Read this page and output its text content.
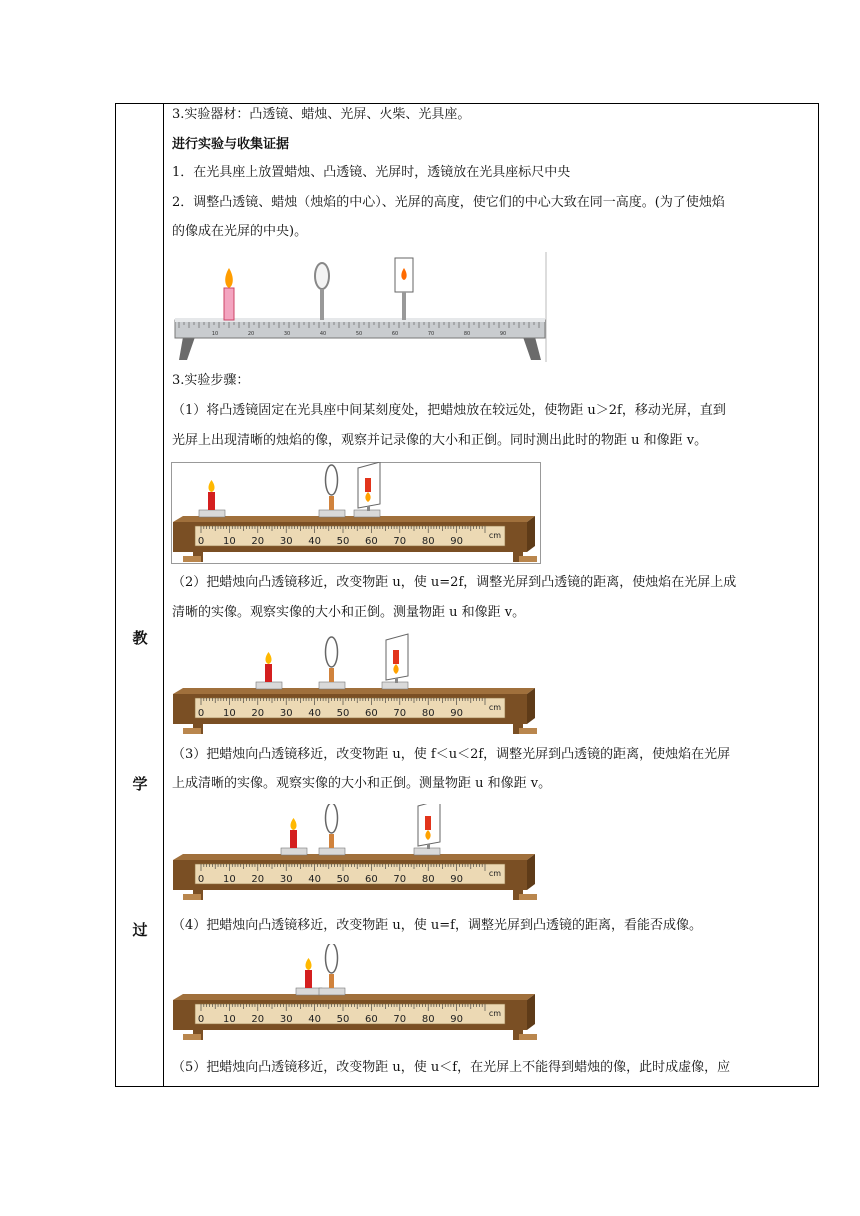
教
学
过
3.实验器材：凸透镜、蜡烛、光屏、火柴、光具座。
进行实验与收集证据
1．在光具座上放置蜡烛、凸透镜、光屏时，透镜放在光具座标尺中央
2．调整凸透镜、蜡烛（烛焰的中心）、光屏的高度，使它们的中心大致在同一高度。(为了使烛焰
的像成在光屏的中央)。
10	20	30	40	50	60	70	80	90
3.实验步骤：
（1）将凸透镜固定在光具座中间某刻度处，把蜡烛放在较远处，使物距 u＞2f，移动光屏，直到
光屏上出现清晰的烛焰的像，观察并记录像的大小和正倒。同时测出此时的物距 u 和像距 v。
0 10 20 30 40 50 60 70 80 90
cm
（2）把蜡烛向凸透镜移近，改变物距 u，使 u=2f，调整光屏到凸透镜的距离，使烛焰在光屏上成
清晰的实像。观察实像的大小和正倒。测量物距 u 和像距 v。
0 10 20 30 40 50 60 70 80 90
cm
（3）把蜡烛向凸透镜移近，改变物距 u，使 f＜u＜2f，调整光屏到凸透镜的距离，使烛焰在光屏
上成清晰的实像。观察实像的大小和正倒。测量物距 u 和像距 v。
0 10 20 30 40 50 60 70 80 90
cm
（4）把蜡烛向凸透镜移近，改变物距 u，使 u=f，调整光屏到凸透镜的距离，看能否成像。
0 10 20 30 40 50 60 70 80 90
cm
（5）把蜡烛向凸透镜移近，改变物距 u，使 u＜f，在光屏上不能得到蜡烛的像，此时成虚像，应
